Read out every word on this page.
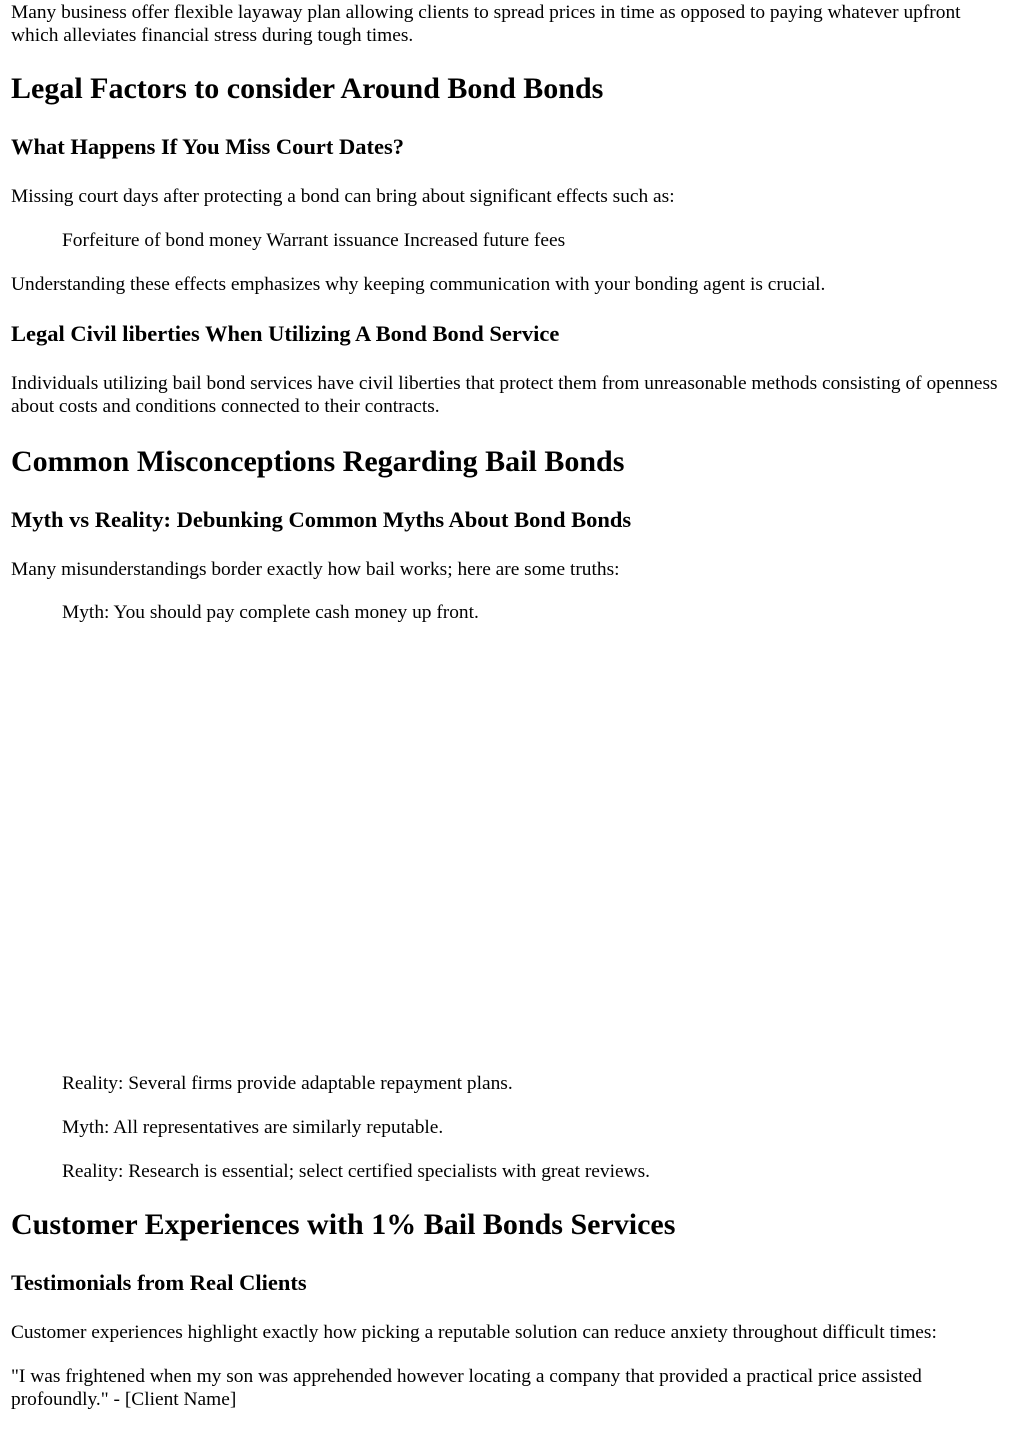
Many business offer flexible layaway plan allowing clients to spread prices in time as opposed to paying whatever upfront which alleviates financial stress during tough times.

Legal Factors to consider Around Bond Bonds
What Happens If You Miss Court Dates?

Missing court days after protecting a bond can bring about significant effects such as:

Forfeiture of bond money Warrant issuance Increased future fees

Understanding these effects emphasizes why keeping communication with your bonding agent is crucial.

Legal Civil liberties When Utilizing A Bond Bond Service

Individuals utilizing bail bond services have civil liberties that protect them from unreasonable methods consisting of openness about costs and conditions connected to their contracts.

Common Misconceptions Regarding Bail Bonds
Myth vs Reality: Debunking Common Myths About Bond Bonds

Many misunderstandings border exactly how bail works; here are some truths:

Myth: You should pay complete cash money up front.

Reality: Several firms provide adaptable repayment plans.

Myth: All representatives are similarly reputable.

Reality: Research is essential; select certified specialists with great reviews.

Customer Experiences with 1% Bail Bonds Services
Testimonials from Real Clients

Customer experiences highlight exactly how picking a reputable solution can reduce anxiety throughout difficult times:

"I was frightened when my son was apprehended however locating a company that provided a practical price assisted profoundly." - [Client Name]
